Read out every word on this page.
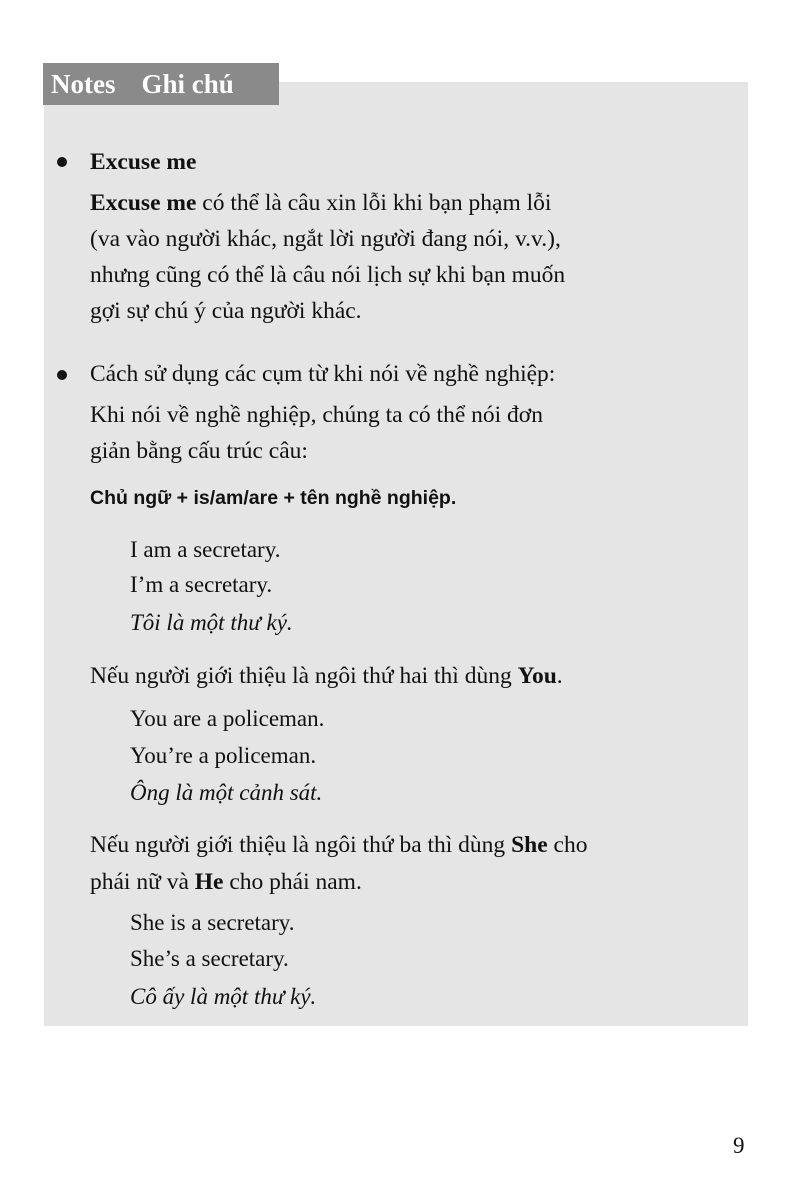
Notes Ghi chú
Excuse me
Excuse me có thể là câu xin lỗi khi bạn phạm lỗi
(va vào người khác, ngắt lời người đang nói, v.v.),
nhưng cũng có thể là câu nói lịch sự khi bạn muốn
gợi sự chú ý của người khác.
Cách sử dụng các cụm từ khi nói về nghề nghiệp:
Khi nói về nghề nghiệp, chúng ta có thể nói đơn
giản bằng cấu trúc câu:
Chủ ngữ + is/am/are + tên nghề nghiệp.
I am a secretary.
I’m a secretary.
Tôi là một thư ký.
Nếu người giới thiệu là ngôi thứ hai thì dùng You.
You are a policeman.
You’re a policeman.
Ông là một cảnh sát.
Nếu người giới thiệu là ngôi thứ ba thì dùng She cho
phái nữ và He cho phái nam.
She is a secretary.
She’s a secretary.
Cô ấy là một thư ký.
9
